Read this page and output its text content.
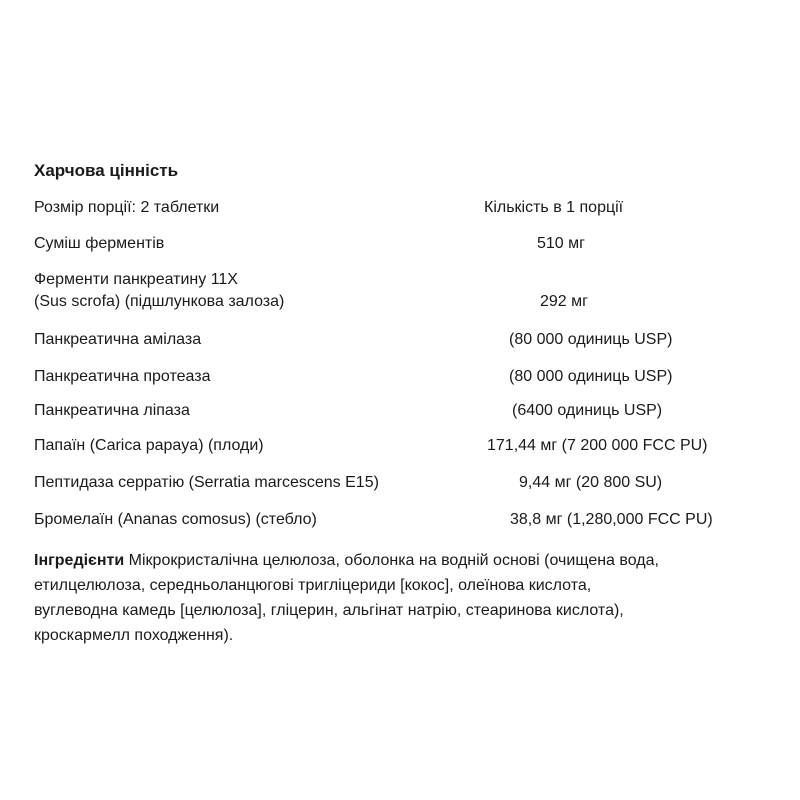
Харчова цінність
Розмір порції: 2 таблетки	Кількість в 1 порції
Суміш ферментів	510 мг
Ферменти панкреатину 11X
(Sus scrofa) (підшлункова залоза)	292 мг
Панкреатична амілаза	(80 000 одиниць USP)
Панкреатична протеаза	(80 000 одиниць USP)
Панкреатична ліпаза	(6400 одиниць USP)
Папаїн (Carica papaya) (плоди)	171,44 мг (7 200 000 FCC PU)
Пептидаза серратію (Serratia marcescens E15)	9,44 мг (20 800 SU)
Бромелаїн (Ananas comosus) (стебло)	38,8 мг (1,280,000 FCC PU)
Інгредієнти Мікрокристалічна целюлоза, оболонка на водній основі (очищена вода,
етилцелюлоза, середньоланцюгові тригліцериди [кокос], олеїнова кислота,
вуглеводна камедь [целюлоза], гліцерин, альгінат натрію, стеаринова кислота),
кроскармелл походження).
